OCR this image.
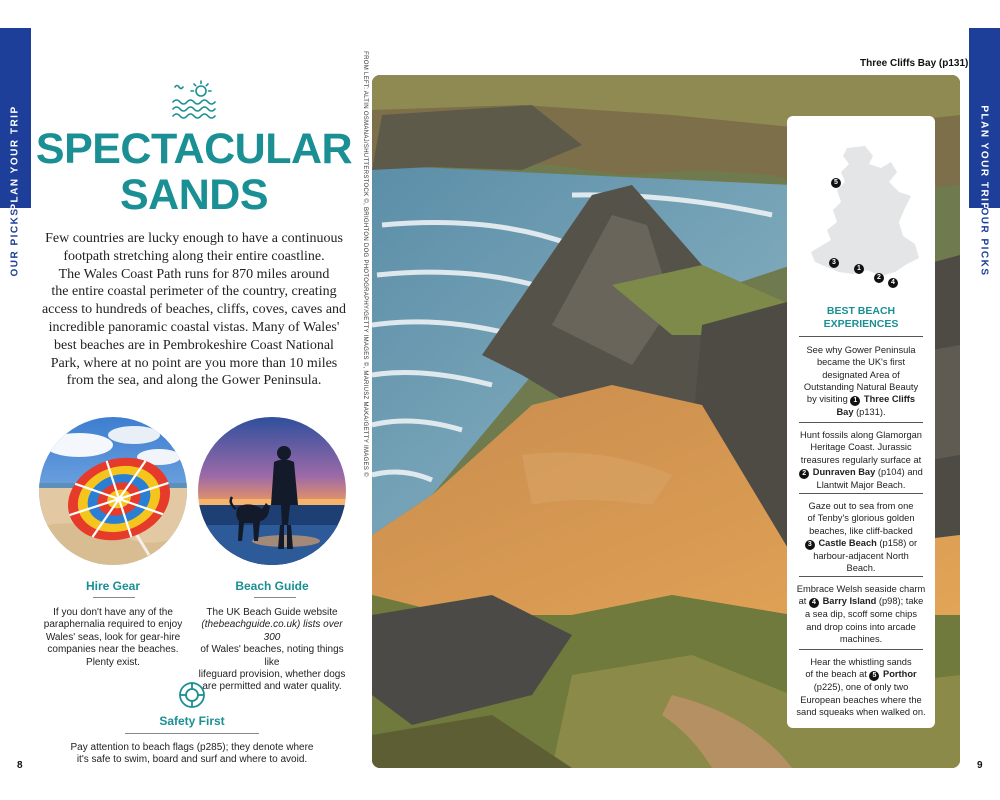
PLAN YOUR TRIP
OUR PICKS
PLAN YOUR TRIP
OUR PICKS
SPECTACULAR
SANDS
Few countries are lucky enough to have a continuous
footpath stretching along their entire coastline.
The Wales Coast Path runs for 870 miles around
the entire coastal perimeter of the country, creating
access to hundreds of beaches, cliffs, coves, caves and
incredible panoramic coastal vistas. Many of Wales'
best beaches are in Pembrokeshire Coast National
Park, where at no point are you more than 10 miles
from the sea, and along the Gower Peninsula.
Hire Gear
If you don't have any of the
paraphernalia required to enjoy
Wales' seas, look for gear-hire
companies near the beaches.
Plenty exist.
Beach Guide
The UK Beach Guide website
(thebeachguide.co.uk) lists over 300
of Wales' beaches, noting things like
lifeguard provision, whether dogs
are permitted and water quality.
Safety First
Pay attention to beach flags (p285); they denote where
it's safe to swim, board and surf and where to avoid.
8	9
FROM LEFT: ALTIN OSMANAJ/SHUTTERSTOCK ©, BRIGHTON DOG PHOTOGRAPHY/GETTY IMAGES ©, MARIUSZ MAKA/GETTY IMAGES ©	Three Cliffs Bay (p131)
5
3
1
2
4
BEST BEACH
EXPERIENCES
See why Gower Peninsula
became the UK's first
designated Area of
Outstanding Natural Beauty
by visiting 1 Three Cliffs
Bay (p131).
Hunt fossils along Glamorgan
Heritage Coast. Jurassic
treasures regularly surface at
2 Dunraven Bay (p104) and
Llantwit Major Beach.
Gaze out to sea from one
of Tenby's glorious golden
beaches, like cliff-backed
3 Castle Beach (p158) or
harbour-adjacent North
Beach.
Embrace Welsh seaside charm
at 4 Barry Island (p98); take
a sea dip, scoff some chips
and drop coins into arcade
machines.
Hear the whistling sands
of the beach at 5 Porthor
(p225), one of only two
European beaches where the
sand squeaks when walked on.
